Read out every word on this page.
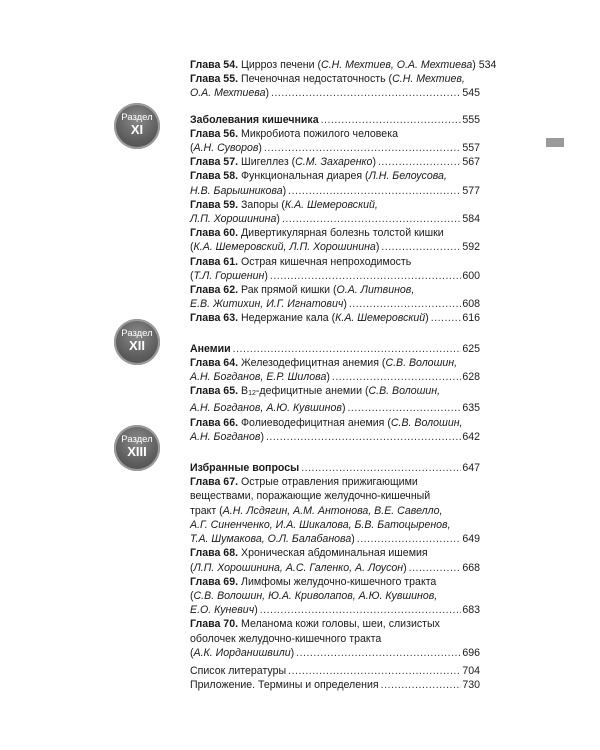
Раздел
XI
Раздел
XII
Раздел
XIII
Глава 54. Цирроз печени (С.Н. Мехтиев, О.А. Мехтиева) 534
Глава 55. Печеночная недостаточность (С.Н. Мехтиев,
О.А. Мехтиева) .....	545
Заболевания кишечника .....	555
Глава 56. Микробиота пожилого человека
(А.Н. Суворов) .....	557
Глава 57. Шигеллез (С.М. Захаренко) .....	567
Глава 58. Функциональная диарея (Л.Н. Белоусова,
Н.В. Барышникова) .....	577
Глава 59. Запоры (К.А. Шемеровский,
Л.П. Хорошинина) .....	584
Глава 60. Дивертикулярная болезнь толстой кишки
(К.А. Шемеровский, Л.П. Хорошинина) .....	592
Глава 61. Острая кишечная непроходимость
(Т.Л. Горшенин) .....	600
Глава 62. Рак прямой кишки (О.А. Литвинов,
Е.В. Житихин, И.Г. Игнатович) .....	608
Глава 63. Недержание кала (К.А. Шемеровский) .....	616
Анемии .....	625
Глава 64. Железодефицитная анемия (С.В. Волошин,
А.Н. Богданов, Е.Р. Шилова) .....	628
Глава 65. В12-дефицитные анемии (С.В. Волошин,
А.Н. Богданов, А.Ю. Кувшинов) .....	635
Глава 66. Фолиеводефицитная анемия (С.В. Волошин,
А.Н. Богданов) .....	642
Избранные вопросы .....	647
Глава 67. Острые отравления прижигающими
веществами, поражающие желудочно-кишечный
тракт (А.Н. Лсдягин, А.М. Антонова, В.Е. Савелло,
А.Г. Синенченко, И.А. Шикалова, Б.В. Батоцыренов,
Т.А. Шумакова, О.Л. Балабанова) .....	649
Глава 68. Хроническая абдоминальная ишемия
(Л.П. Хорошинина, А.С. Галенко, А. Лоусон) .....	668
Глава 69. Лимфомы желудочно-кишечного тракта
(С.В. Волошин, Ю.А. Криволапов, А.Ю. Кувшинов,
Е.О. Куневич) .....	683
Глава 70. Меланома кожи головы, шеи, слизистых
оболочек желудочно-кишечного тракта
(А.К. Иорданишвили) .....	696
Список литературы .....	704
Приложение. Термины и определения .....	730
